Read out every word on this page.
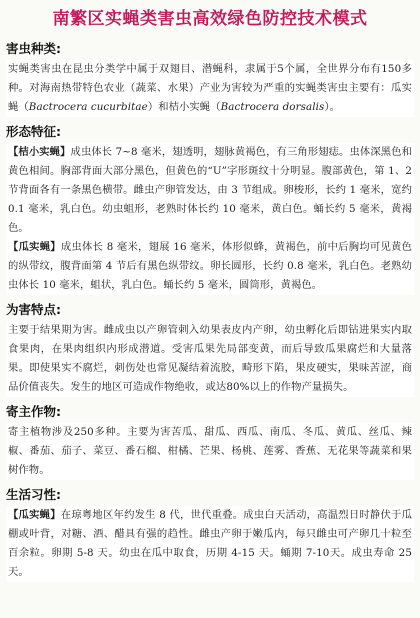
南繁区实蝇类害虫高效绿色防控技术模式
害虫种类:

实蝇类害虫在昆虫分类学中属于双翅目、潜蝇科，隶属于5个属，全世界分布有150多种。对海南热带特色农业（蔬菜、水果）产业为害较为严重的实蝇类害虫主要有：瓜实蝇（Bactrocera cucurbitae）和桔小实蝇（Bactrocera dorsalis）。

形态特征:

【桔小实蝇】成虫体长 7~8 毫米，翅透明，翅脉黄褐色，有三角形翅痣。虫体深黑色和黄色相间。胸部背面大部分黑色，但黄色的“U”字形斑纹十分明显。腹部黄色，第 1、2 节背面各有一条黑色横带。雌虫产卵管发达，由 3 节组成。卵梭形，长约 1 毫米，宽约 0.1 毫米，乳白色。幼虫蛆形，老熟时体长约 10 毫米，黄白色。蛹长约 5 毫米，黄褐色。

【瓜实蝇】成虫体长 8 毫米，翅展 16 毫米，体形似蜂，黄褐色，前中后胸均可见黄色的纵带纹，腹背面第 4 节后有黑色纵带纹。卵长圆形，长约 0.8 毫米，乳白色。老熟幼虫体长 10 毫米，蛆状，乳白色。蛹长约 5 毫米，圆筒形，黄褐色。

为害特点:

主要于结果期为害。雌成虫以产卵管刺入幼果表皮内产卵，幼虫孵化后即钻进果实内取食果肉，在果肉组织内形成潜道。受害瓜果先局部变黄，而后导致瓜果腐烂和大量落果。即使果实不腐烂，刺伤处也常见凝结着流胶，畸形下陷，果皮硬实，果味苦涩，商品价值丧失。发生的地区可造成作物绝收，或达80%以上的作物产量损失。

寄主作物:

寄主植物涉及250多种。主要为害苦瓜、甜瓜、西瓜、南瓜、冬瓜、黄瓜、丝瓜、辣椒、番茄、茄子、菜豆、番石榴、柑橘、芒果、杨桃、莲雾、香蕉、无花果等蔬菜和果树作物。

生活习性:

【瓜实蝇】在琼粤地区年约发生 8 代，世代重叠。成虫白天活动，高温烈日时静伏于瓜棚或叶背，对糖、酒、醋具有强的趋性。雌虫产卵于嫩瓜内，每只雌虫可产卵几十粒至百余粒。卵期 5-8 天。幼虫在瓜中取食，历期 4-15 天。蛹期 7-10天。成虫寿命 25 天。
